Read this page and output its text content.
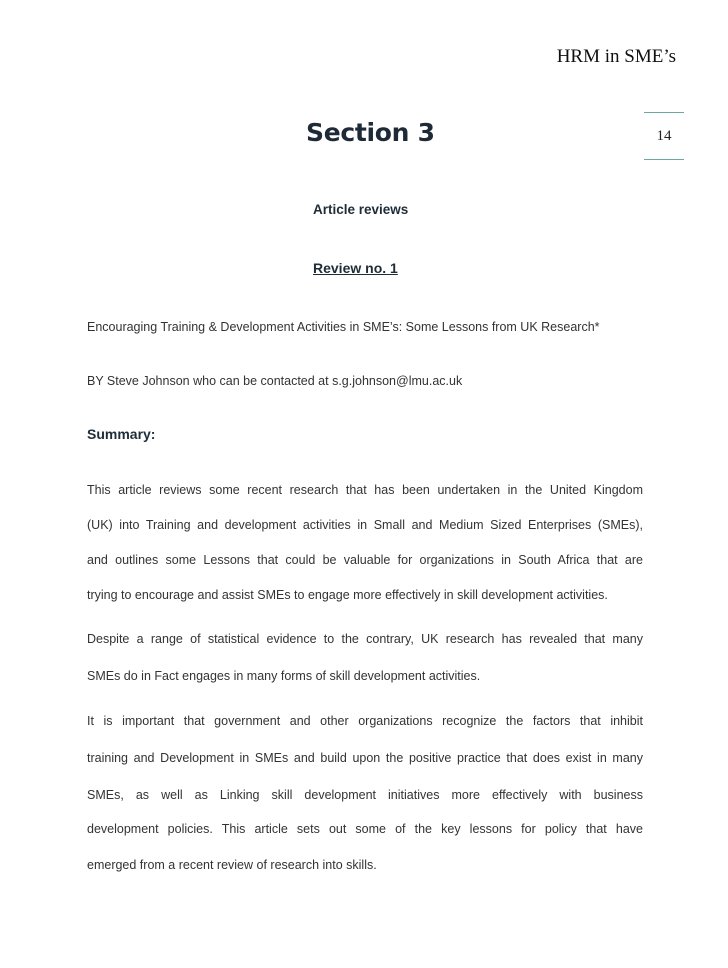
HRM in SME’s
14
Section 3
Article reviews
Review no. 1
Encouraging Training & Development Activities in SME’s: Some Lessons from UK Research*
BY Steve Johnson who can be contacted at s.g.johnson@lmu.ac.uk
Summary:
This article reviews some recent research that has been undertaken in the United Kingdom
(UK) into Training and development activities in Small and Medium Sized Enterprises (SMEs),
and outlines some Lessons that could be valuable for organizations in South Africa that are
trying to encourage and assist SMEs to engage more effectively in skill development activities.
Despite a range of statistical evidence to the contrary, UK research has revealed that many
SMEs do in Fact engages in many forms of skill development activities.
It is important that government and other organizations recognize the factors that inhibit
training and Development in SMEs and build upon the positive practice that does exist in many
SMEs, as well as Linking skill development initiatives more effectively with business
development policies. This article sets out some of the key lessons for policy that have
emerged from a recent review of research into skills.
